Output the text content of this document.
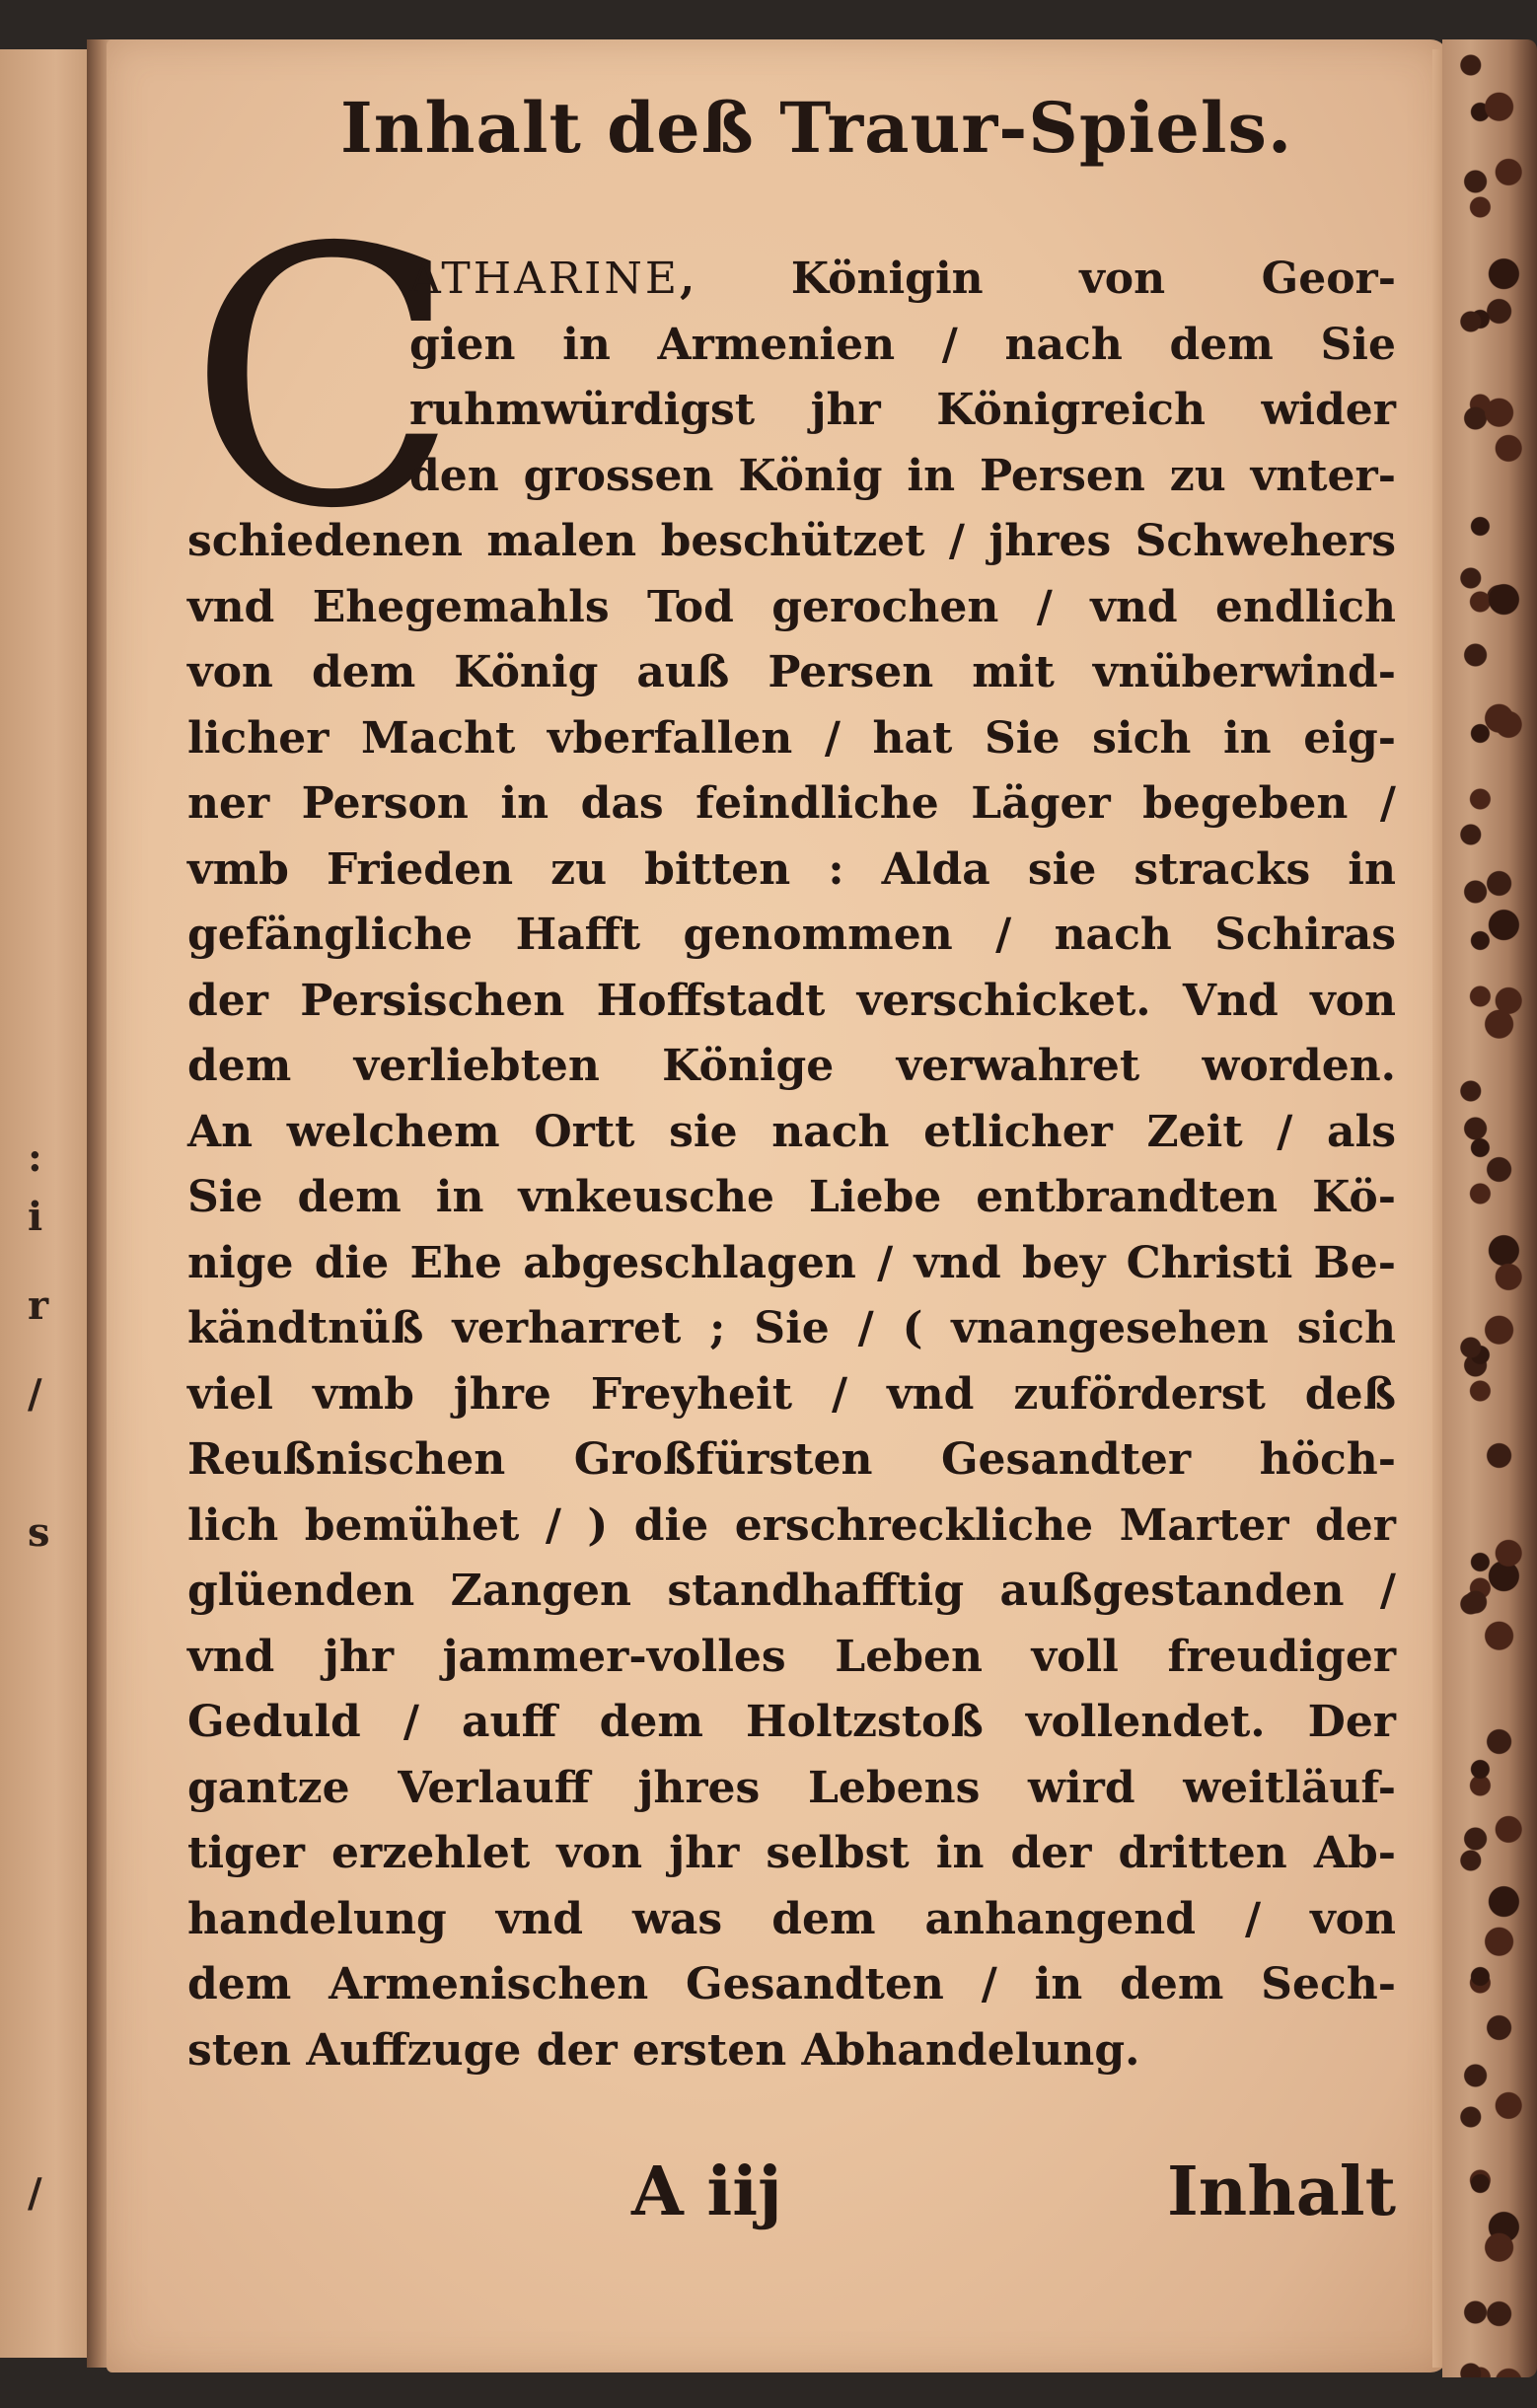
:
i
r
/
s
/
Inhalt deß Traur-Spiels.
C
ATHARINE, Königin von Geor-
gien in Armenien / nach dem Sie
ruhmwürdigst jhr Königreich wider
den grossen König in Persen zu vnter-
schiedenen malen beschützet / jhres Schwehers
vnd Ehegemahls Tod gerochen / vnd endlich
von dem König auß Persen mit vnüberwind-
licher Macht vberfallen / hat Sie sich in eig-
ner Person in das feindliche Läger begeben /
vmb Frieden zu bitten : Alda sie stracks in
gefängliche Hafft genommen / nach Schiras
der Persischen Hoffstadt verschicket. Vnd von
dem verliebten Könige verwahret worden.
An welchem Ortt sie nach etlicher Zeit / als
Sie dem in vnkeusche Liebe entbrandten Kö-
nige die Ehe abgeschlagen / vnd bey Christi Be-
kändtnüß verharret ; Sie / ( vnangesehen sich
viel vmb jhre Freyheit / vnd zuförderst deß
Reußnischen Großfürsten Gesandter höch-
lich bemühet / ) die erschreckliche Marter der
glüenden Zangen standhafftig außgestanden /
vnd jhr jammer-volles Leben voll freudiger
Geduld / auff dem Holtzstoß vollendet. Der
gantze Verlauff jhres Lebens wird weitläuf-
tiger erzehlet von jhr selbst in der dritten Ab-
handelung vnd was dem anhangend / von
dem Armenischen Gesandten / in dem Sech-
sten Auffzuge der ersten Abhandelung.
A iij	Inhalt
